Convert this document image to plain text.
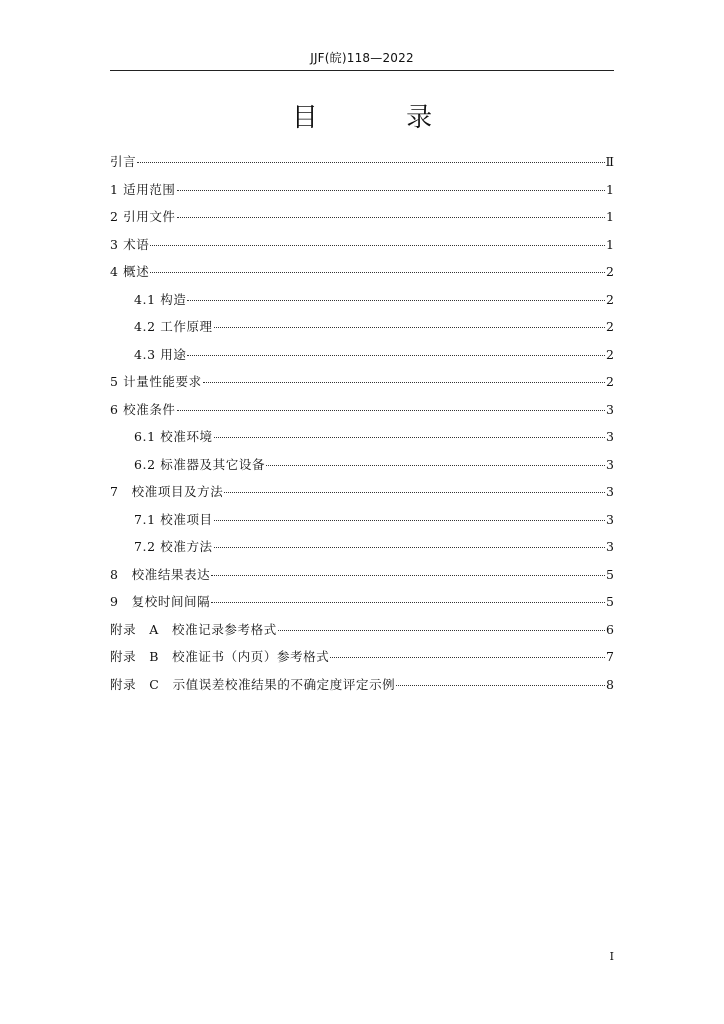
JJF(皖)118—2022
目 录
引言	Ⅱ
1 适用范围	1
2 引用文件	1
3 术语	1
4 概述	2
4.1 构造	2
4.2 工作原理	2
4.3 用途	2
5 计量性能要求	2
6 校准条件	3
6.1 校准环境	3
6.2 标准器及其它设备	3
7　校准项目及方法	3
7.1 校准项目	3
7.2 校准方法	3
8　校准结果表达	5
9　复校时间间隔	5
附录　A　校准记录参考格式	6
附录　B　校准证书（内页）参考格式	7
附录　C　示值误差校准结果的不确定度评定示例	8
I
